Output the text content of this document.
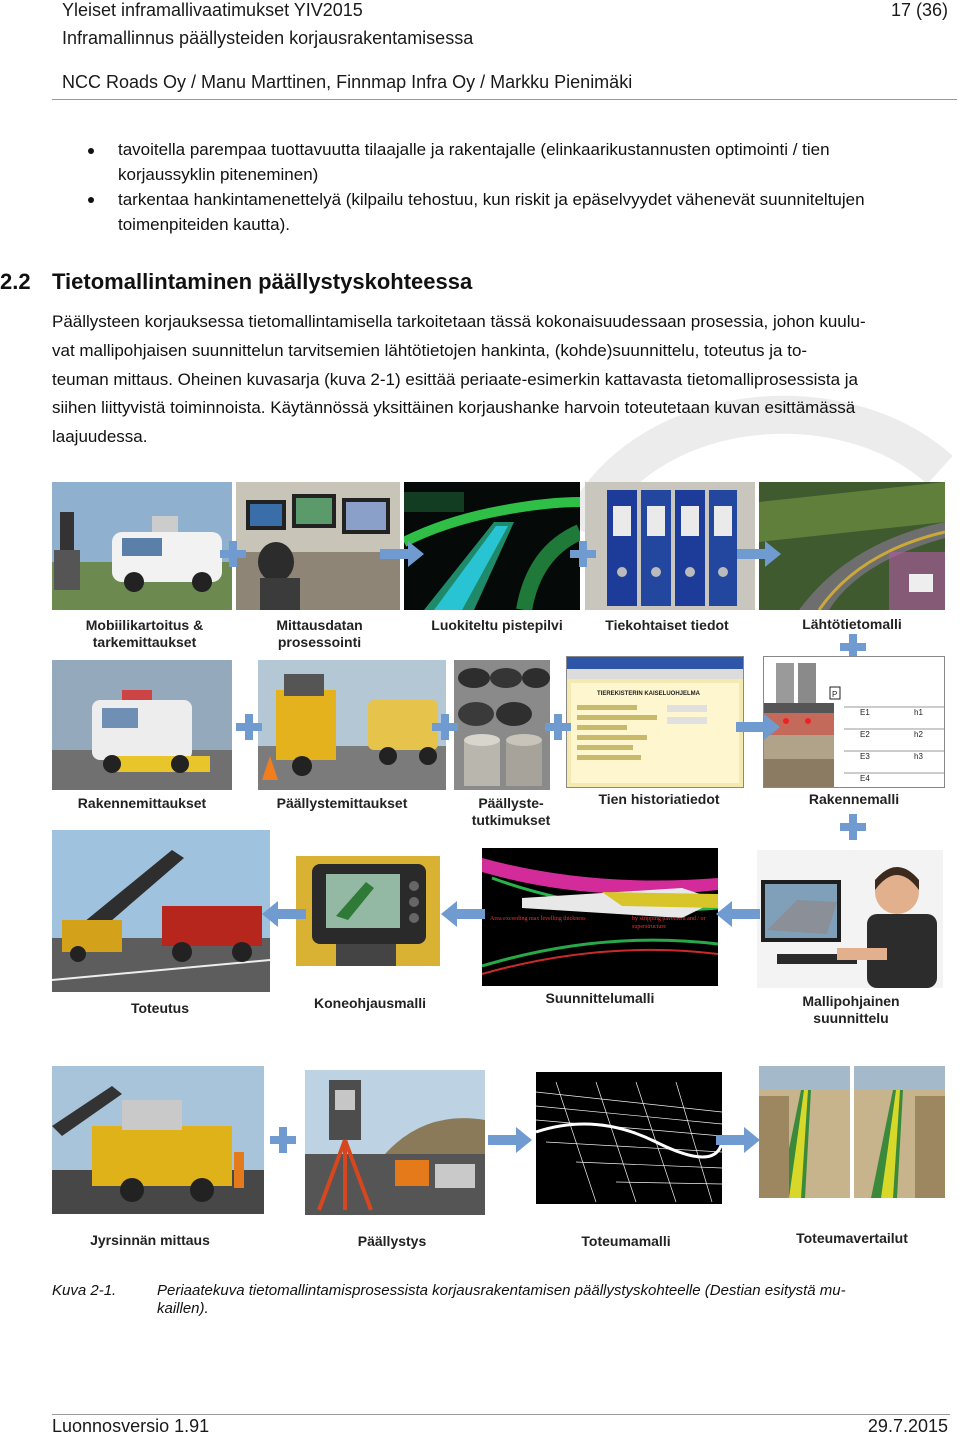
Yleiset inframallivaatimukset YIV2015	17 (36)
Inframallinnus päällysteiden korjausrakentamisessa
NCC Roads Oy / Manu Marttinen, Finnmap Infra Oy / Markku Pienimäki
tavoitella parempaa tuottavuutta tilaajalle ja rakentajalle (elinkaarikustannusten optimointi / tien
korjaussyklin piteneminen)
tarkentaa hankintamenettelyä (kilpailu tehostuu, kun riskit ja epäselvyydet vähenevät suunniteltujen
toimenpiteiden kautta).
2.2 Tietomallintaminen päällystyskohteessa
Päällysteen korjauksessa tietomallintamisella tarkoitetaan tässä kokonaisuudessaan prosessia, johon kuulu-
vat mallipohjaisen suunnittelun tarvitsemien lähtötietojen hankinta, (kohde)suunnittelu, toteutus ja to-
teuman mittaus. Oheinen kuvasarja (kuva 2-1) esittää periaate-esimerkin kattavasta tietomalliprosessista ja
siihen liittyvistä toiminnoista. Käytännössä yksittäinen korjaushanke harvoin toteutetaan kuvan esittämässä
laajuudessa.
Mobiilikartoitus &
tarkemittaukset
Mittausdatan
prosessointi
Luokiteltu pistepilvi	Tiekohtaiset tiedot	Lähtötietomalli
TIEREKISTERIN KAISELUOHJELMA
E1
E2
E3
E4
h1
h2
h3
P
Rakennemittaukset	Päällystemittaukset	Päällyste-
tutkimukset
Tien historiatiedot	Rakennemalli
Area exceeding max levelling thickness	by stripping pavement and / or
superstructure
Toteutus	Koneohjausmalli	Suunnittelumalli	Mallipohjainen
suunnittelu
Jyrsinnän mittaus	Päällystys	Toteumamalli	Toteumavertailut
Kuva 2-1.	Periaatekuva tietomallintamisprosessista korjausrakentamisen päällystyskohteelle (Destian esitystä mu-
kaillen).
Luonnosversio 1.91	29.7.2015
